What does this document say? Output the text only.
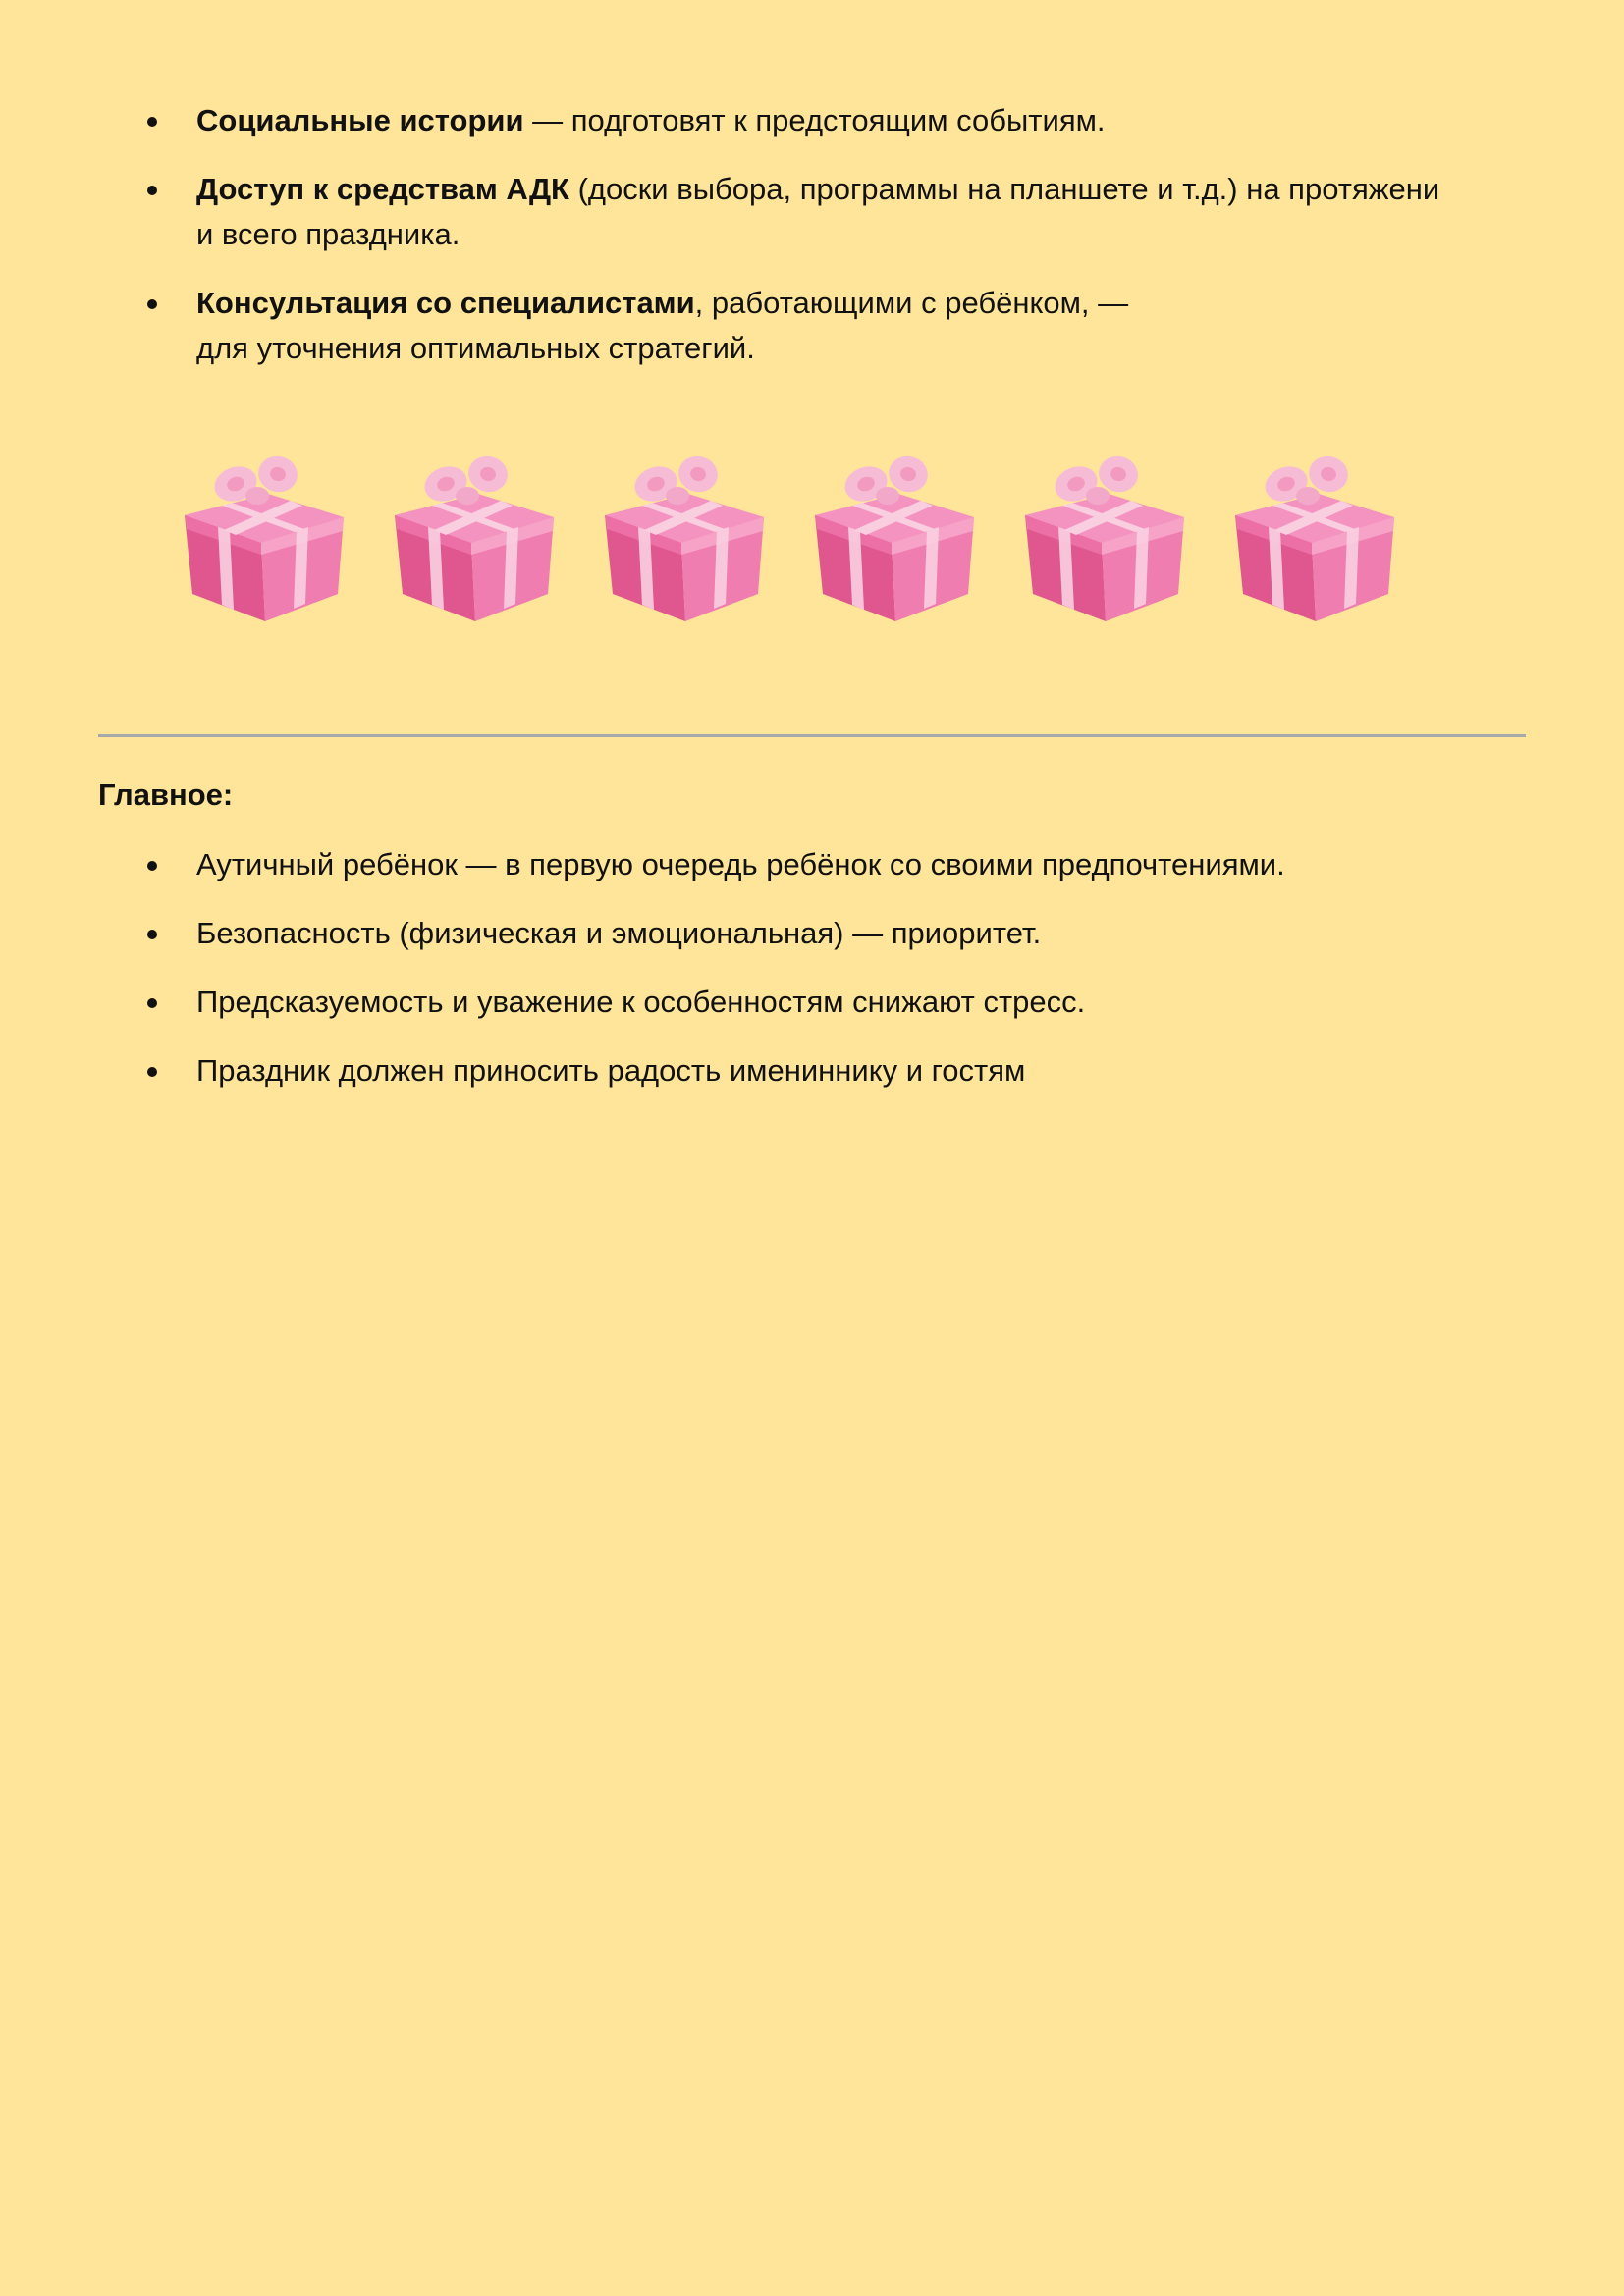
Социальные истории — подготовят к предстоящим событиям.
Доступ к средствам АДК (доски выбора, программы на планшете и т.д.) на протяжени
и всего праздника.
Консультация со специалистами, работающими с ребёнком, —
для уточнения оптимальных стратегий.
Главное:
Аутичный ребёнок — в первую очередь ребёнок со своими предпочтениями.
Безопасность (физическая и эмоциональная) — приоритет.
Предсказуемость и уважение к особенностям снижают стресс.
Праздник должен приносить радость имениннику и гостям
